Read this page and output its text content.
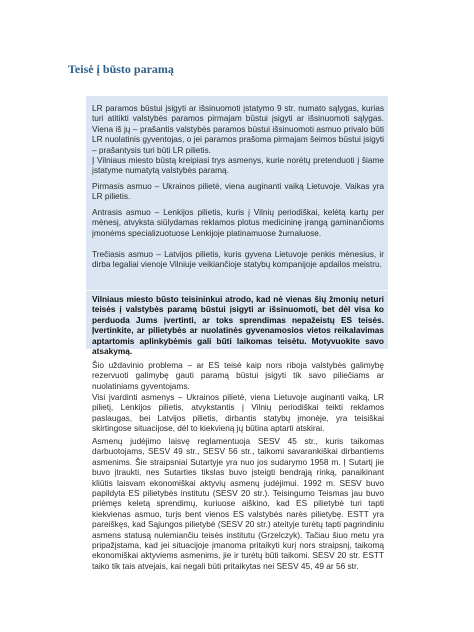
Teisė į būsto paramą

LR paramos būstui įsigyti ar išsinuomoti įstatymo 9 str. numato sąlygas, kurias turi atitikti valstybės paramos pirmajam būstui įsigyti ar išsinuomoti sąlygas. Viena iš jų – prašantis valstybės paramos būstui išsinuomoti asmuo privalo būti LR nuolatinis gyventojas, o jei paramos prašoma pirmajam šeimos būstui įsigyti – prašantysis turi būti LR pilietis.

Į Vilniaus miesto būstą kreipiasi trys asmenys, kurie norėtų pretenduoti į šiame įstatyme numatytą valstybės paramą.

Pirmasis asmuo – Ukrainos pilietė, viena auginanti vaiką Lietuvoje. Vaikas yra LR pilietis.

Antrasis asmuo – Lenkijos pilietis, kuris į Vilnių periodiškai, kelėtą kartų per mėnesį, atvyksta siūlydamas reklamos plotus medicininę įrangą gaminančioms įmonėms specializuotuose Lenkijoje platinamuose žurnaluose.

Trečiasis asmuo – Latvijos pilietis, kuris gyvena Lietuvoje penkis mėnesius, ir dirba legaliai vienoje Vilniuje veikiančioje statybų kompanijoje apdailos meistru.

Vilniaus miesto būsto teisininkui atrodo, kad nė vienas šių žmonių neturi teisės į valstybės paramą būstui įsigyti ar išsinuomoti, bet dėl visa ko perduoda Jums įvertinti, ar toks sprendimas nepažeistų ES teisės. Įvertinkite, ar pilietybės ar nuolatinės gyvenamosios vietos reikalavimas aptartomis aplinkybėmis gali būti laikomas teisėtu. Motyvuokite savo atsakymą.

Šio uždavinio problema – ar ES teisė kaip nors riboja valstybės galimybę rezervuoti galimybę gauti paramą būstui įsigyti tik savo piliečiams ar nuolatiniams gyventojams.

Visi įvardinti asmenys – Ukrainos pilietė, viena Lietuvoje auginanti vaiką, LR pilietį, Lenkijos pilietis, atvykstantis į Vilnių periodiškai teikti reklamos paslaugas, bei Latvijos pilietis, dirbantis statybų įmonėje, yra teisiškai skirtingose situacijose, dėl to kiekvieną jų būtina aptarti atskirai.

Asmenų judėjimo laisvę reglamentuoja SESV 45 str., kuris taikomas darbuotojams, SESV 49 str., SESV 56 str., taikomi savarankiškai dirbantiems asmenims. Šie straipsniai Sutartyje yra nuo jos sudarymo 1958 m. Į Sutartį jie buvo įtraukti, nes Sutarties tikslas buvo įsteigti bendrąją rinką, panaikinant kliūtis laisvam ekonomiškai aktyvių asmenų judėjimui. 1992 m. SESV buvo papildyta ES pilietybės institutu (SESV 20 str.). Teisingumo Teismas jau buvo priėmęs keletą sprendimų, kuriuose aiškino, kad ES pilietybė turi tapti kiekvienas asmuo, turįs bent vienos ES valstybės narės pilietybę. ESTT yra pareiškęs, kad Sąjungos pilietybė (SESV 20 str.) ateityje turėtų tapti pagrindiniu asmens statusą nulemiančiu teisės institutu (Grzelczyk). Tačiau šiuo metu yra pripažįstama, kad jei situacijoje įmanoma pritaikyti kurį nors straipsnį, taikomą ekonomiškai aktyviems asmenims, jie ir turėtų būti taikomi. SESV 20 str. ESTT taiko tik tais atvejais, kai negali būti pritaikytas nei SESV 45, 49 ar 56 str.
